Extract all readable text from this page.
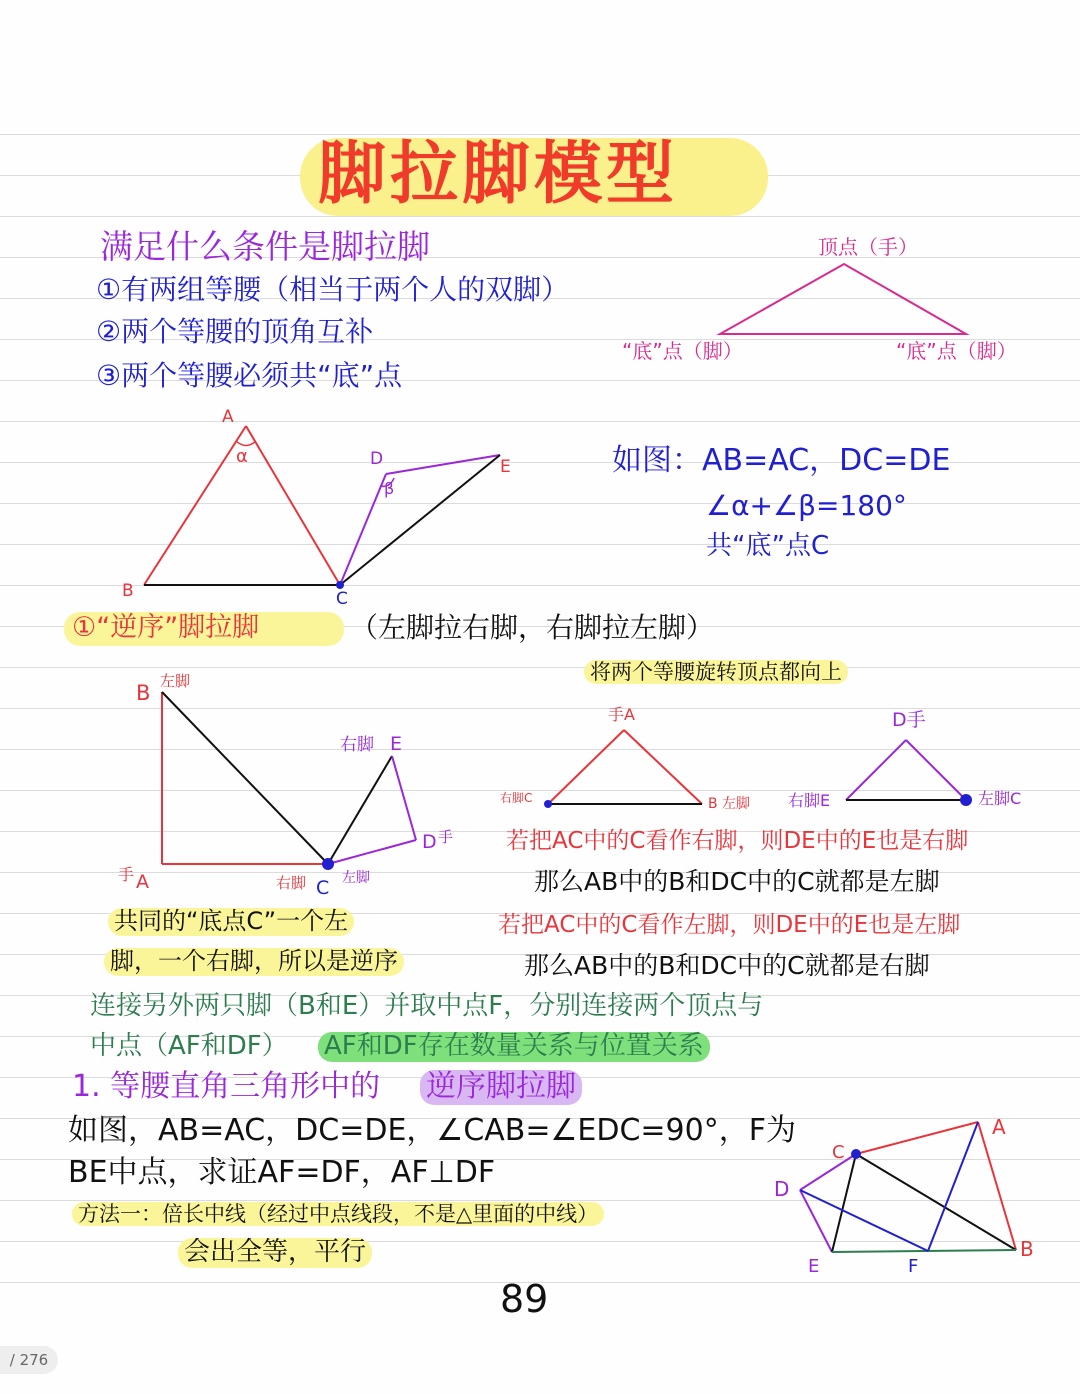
脚拉脚模型
满足什么条件是脚拉脚
①有两组等腰（相当于两个人的双脚）
②两个等腰的顶角互补
③两个等腰必须共“底”点
顶点（手）
“底”点（脚）	“底”点（脚）
如图：AB=AC，DC=DE
∠α+∠β=180°
共“底”点C
①“逆序”脚拉脚	（左脚拉右脚，右脚拉左脚）
将两个等腰旋转顶点都向上
若把AC中的C看作右脚，则DE中的E也是右脚
那么AB中的B和DC中的C就都是左脚
若把AC中的C看作左脚，则DE中的E也是左脚
那么AB中的B和DC中的C就都是右脚
共同的“底点C”一个左
脚，一个右脚，所以是逆序
连接另外两只脚（B和E）并取中点F，分别连接两个顶点与
中点（AF和DF） AF和DF存在数量关系与位置关系
1. 等腰直角三角形中的 逆序脚拉脚
如图，AB=AC，DC=DE，∠CAB=∠EDC=90°，F为
BE中点，求证AF=DF，AF⊥DF
方法一：倍长中线（经过中点线段，不是△里面的中线）
会出全等，平行
89
A
α
B	C
D
β
E
B 左脚
手 A	右脚 C 左脚
右脚 E
D 手
手A
右脚C	B 左脚
D手
右脚E	左脚C
A
B
C
D
E	F
/ 276
